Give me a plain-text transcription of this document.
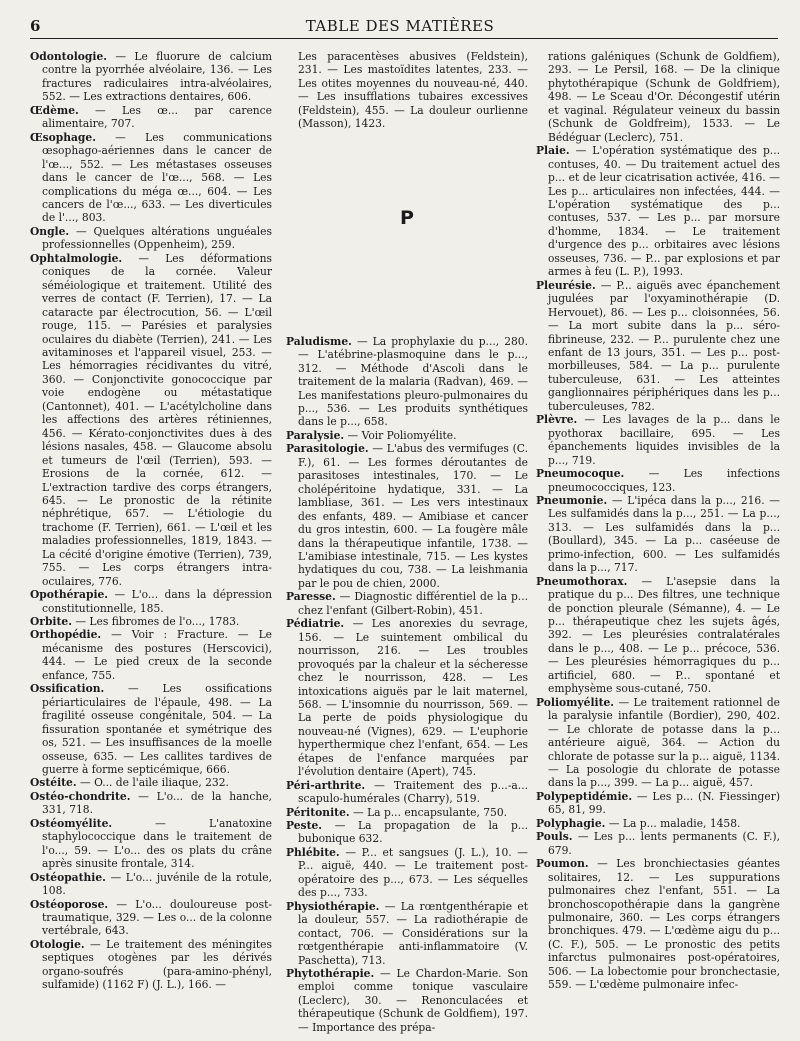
6	TABLE DES MATIÈRES

Odontologie. — Le fluorure de calcium contre la pyorrhée alvéolaire, 136. — Les fractures radiculaires intra-alvéolaires, 552. — Les extractions dentaires, 606.

Œdème. — Les œ... par carence alimentaire, 707.

Œsophage. — Les communications œsophago-aériennes dans le cancer de l'œ..., 552. — Les métastases osseuses dans le cancer de l'œ..., 568. — Les complications du méga œ..., 604. — Les cancers de l'œ..., 633. — Les diverticules de l'..., 803.

Ongle. — Quelques altérations unguéales professionnelles (Oppenheim), 259.

Ophtalmologie. — Les déformations coniques de la cornée. Valeur séméiologique et traitement. Utilité des verres de contact (F. Terrien), 17. — La cataracte par électrocution, 56. — L'œil rouge, 115. — Parésies et paralysies oculaires du diabète (Terrien), 241. — Les avitaminoses et l'appareil visuel, 253. — Les hémorragies récidivantes du vitré, 360. — Conjonctivite gonococcique par voie endogène ou métastatique (Cantonnet), 401. — L'acétylcholine dans les affections des artères rétiniennes, 456. — Kérato-conjonctivites dues à des lésions nasales, 458. — Glaucome absolu et tumeurs de l'œil (Terrien), 593. — Erosions de la cornée, 612. — L'extraction tardive des corps étrangers, 645. — Le pronostic de la rétinite néphrétique, 657. — L'étiologie du trachome (F. Terrien), 661. — L'œil et les maladies professionnelles, 1819, 1843. — La cécité d'origine émotive (Terrien), 739, 755. — Les corps étrangers intra-oculaires, 776.

Opothérapie. — L'o... dans la dépression constitutionnelle, 185.

Orbite. — Les fibromes de l'o..., 1783.

Orthopédie. — Voir : Fracture. — Le mécanisme des postures (Herscovici), 444. — Le pied creux de la seconde enfance, 755.

Ossification. — Les ossifications périarticulaires de l'épaule, 498. — La fragilité osseuse congénitale, 504. — La fissuration spontanée et symétrique des os, 521. — Les insuffisances de la moelle osseuse, 635. — Les callites tardives de guerre à forme septicémique, 666.

Ostéite. — O... de l'aile iliaque, 232.

Ostéo-chondrite. — L'o... de la hanche, 331, 718.

Ostéomyélite. — L'anatoxine staphylococcique dans le traitement de l'o..., 59. — L'o... des os plats du crâne après sinusite frontale, 314.

Ostéopathie. — L'o... juvénile de la rotule, 108.

Ostéoporose. — L'o... douloureuse post-traumatique, 329. — Les o... de la colonne vertébrale, 643.

Otologie. — Le traitement des méningites septiques otogènes par les dérivés organo-soufrés (para-amino-phényl, sulfamide) (1162 F) (J. L.), 166. —

Les paracentèses abusives (Feldstein), 231. — Les mastoïdites latentes, 233. — Les otites moyennes du nouveau-né, 440. — Les insufflations tubaires excessives (Feldstein), 455. — La douleur ourlienne (Masson), 1423.

P

Paludisme. — La prophylaxie du p..., 280. — L'atébrine-plasmoquine dans le p..., 312. — Méthode d'Ascoli dans le traitement de la malaria (Radvan), 469. — Les manifestations pleuro-pulmonaires du p..., 536. — Les produits synthétiques dans le p..., 658.

Paralysie. — Voir Poliomyélite.

Parasitologie. — L'abus des vermifuges (C. F.), 61. — Les formes déroutantes de parasitoses intestinales, 170. — Le cholépéritoine hydatique, 331. — La lambliase, 361. — Les vers intestinaux des enfants, 489. — Amibiase et cancer du gros intestin, 600. — La fougère mâle dans la thérapeutique infantile, 1738. — L'amibiase intestinale, 715. — Les kystes hydatiques du cou, 738. — La leishmania par le pou de chien, 2000.

Paresse. — Diagnostic différentiel de la p... chez l'enfant (Gilbert-Robin), 451.

Pédiatrie. — Les anorexies du sevrage, 156. — Le suintement ombilical du nourrisson, 216. — Les troubles provoqués par la chaleur et la sécheresse chez le nourrisson, 428. — Les intoxications aiguës par le lait maternel, 568. — L'insomnie du nourrisson, 569. — La perte de poids physiologique du nouveau-né (Vignes), 629. — L'euphorie hyperthermique chez l'enfant, 654. — Les étapes de l'enfance marquées par l'évolution dentaire (Apert), 745.

Péri-arthrite. — Traitement des p...-a... scapulo-humérales (Charry), 519.

Péritonite. — La p... encapsulante, 750.

Peste. — La propagation de la p... bubonique 632.

Phlébite. — P... et sangsues (J. L.), 10. — P... aiguë, 440. — Le traitement post-opératoire des p..., 673. — Les séquelles des p..., 733.

Physiothérapie. — La rœntgenthérapie et la douleur, 557. — La radiothérapie de contact, 706. — Considérations sur la rœtgenthérapie anti-inflammatoire (V. Paschetta), 713.

Phytothérapie. — Le Chardon-Marie. Son emploi comme tonique vasculaire (Leclerc), 30. — Renonculacées et thérapeutique (Schunk de Goldfiem), 197. — Importance des prépa-

rations galéniques (Schunk de Goldfiem), 293. — Le Persil, 168. — De la clinique phytothérapique (Schunk de Goldfriem), 498. — Le Sceau d'Or. Décongestif utérin et vaginal. Régulateur veineux du bassin (Schunk de Goldfreim), 1533. — Le Bédéguar (Leclerc), 751.

Plaie. — L'opération systématique des p... contuses, 40. — Du traitement actuel des p... et de leur cicatrisation activée, 416. — Les p... articulaires non infectées, 444. — L'opération systématique des p... contuses, 537. — Les p... par morsure d'homme, 1834. — Le traitement d'urgence des p... orbitaires avec lésions osseuses, 736. — P... par explosions et par armes à feu (L. P.), 1993.

Pleurésie. — P... aiguës avec épanchement jugulées par l'oxyaminothérapie (D. Hervouet), 86. — Les p... cloisonnées, 56. — La mort subite dans la p... séro-fibrineuse, 232. — P... purulente chez une enfant de 13 jours, 351. — Les p... post-morbilleuses, 584. — La p... purulente tuberculeuse, 631. — Les atteintes ganglionnaires périphériques dans les p... tuberculeuses, 782.

Plèvre. — Les lavages de la p... dans le pyothorax bacillaire, 695. — Les épanchements liquides invisibles de la p..., 719.

Pneumocoque. — Les infections pneumococciques, 123.

Pneumonie. — L'ipéca dans la p..., 216. — Les sulfamidés dans la p..., 251. — La p..., 313. — Les sulfamidés dans la p... (Boullard), 345. — La p... caséeuse de primo-infection, 600. — Les sulfamidés dans la p..., 717.

Pneumothorax. — L'asepsie dans la pratique du p... Des filtres, une technique de ponction pleurale (Sémanne), 4. — Le p... thérapeutique chez les sujets âgés, 392. — Les pleurésies contralatérales dans le p..., 408. — Le p... précoce, 536. — Les pleurésies hémorragiques du p... artificiel, 680. — P... spontané et emphysème sous-cutané, 750.

Poliomyélite. — Le traitement rationnel de la paralysie infantile (Bordier), 290, 402. — Le chlorate de potasse dans la p... antérieure aiguë, 364. — Action du chlorate de potasse sur la p... aiguë, 1134. — La posologie du chlorate de potasse dans la p..., 399. — La p... aiguë, 457.

Polypeptidémie. — Les p... (N. Fiessinger) 65, 81, 99.

Polyphagie. — La p... maladie, 1458.

Pouls. — Les p... lents permanents (C. F.), 679.

Poumon. — Les bronchiectasies géantes solitaires, 12. — Les suppurations pulmonaires chez l'enfant, 551. — La bronchoscopothérapie dans la gangrène pulmonaire, 360. — Les corps étrangers bronchiques. 479. — L'œdème aigu du p... (C. F.), 505. — Le pronostic des petits infarctus pulmonaires post-opératoires, 506. — La lobectomie pour bronchectasie, 559. — L'œdème pulmonaire infec-
